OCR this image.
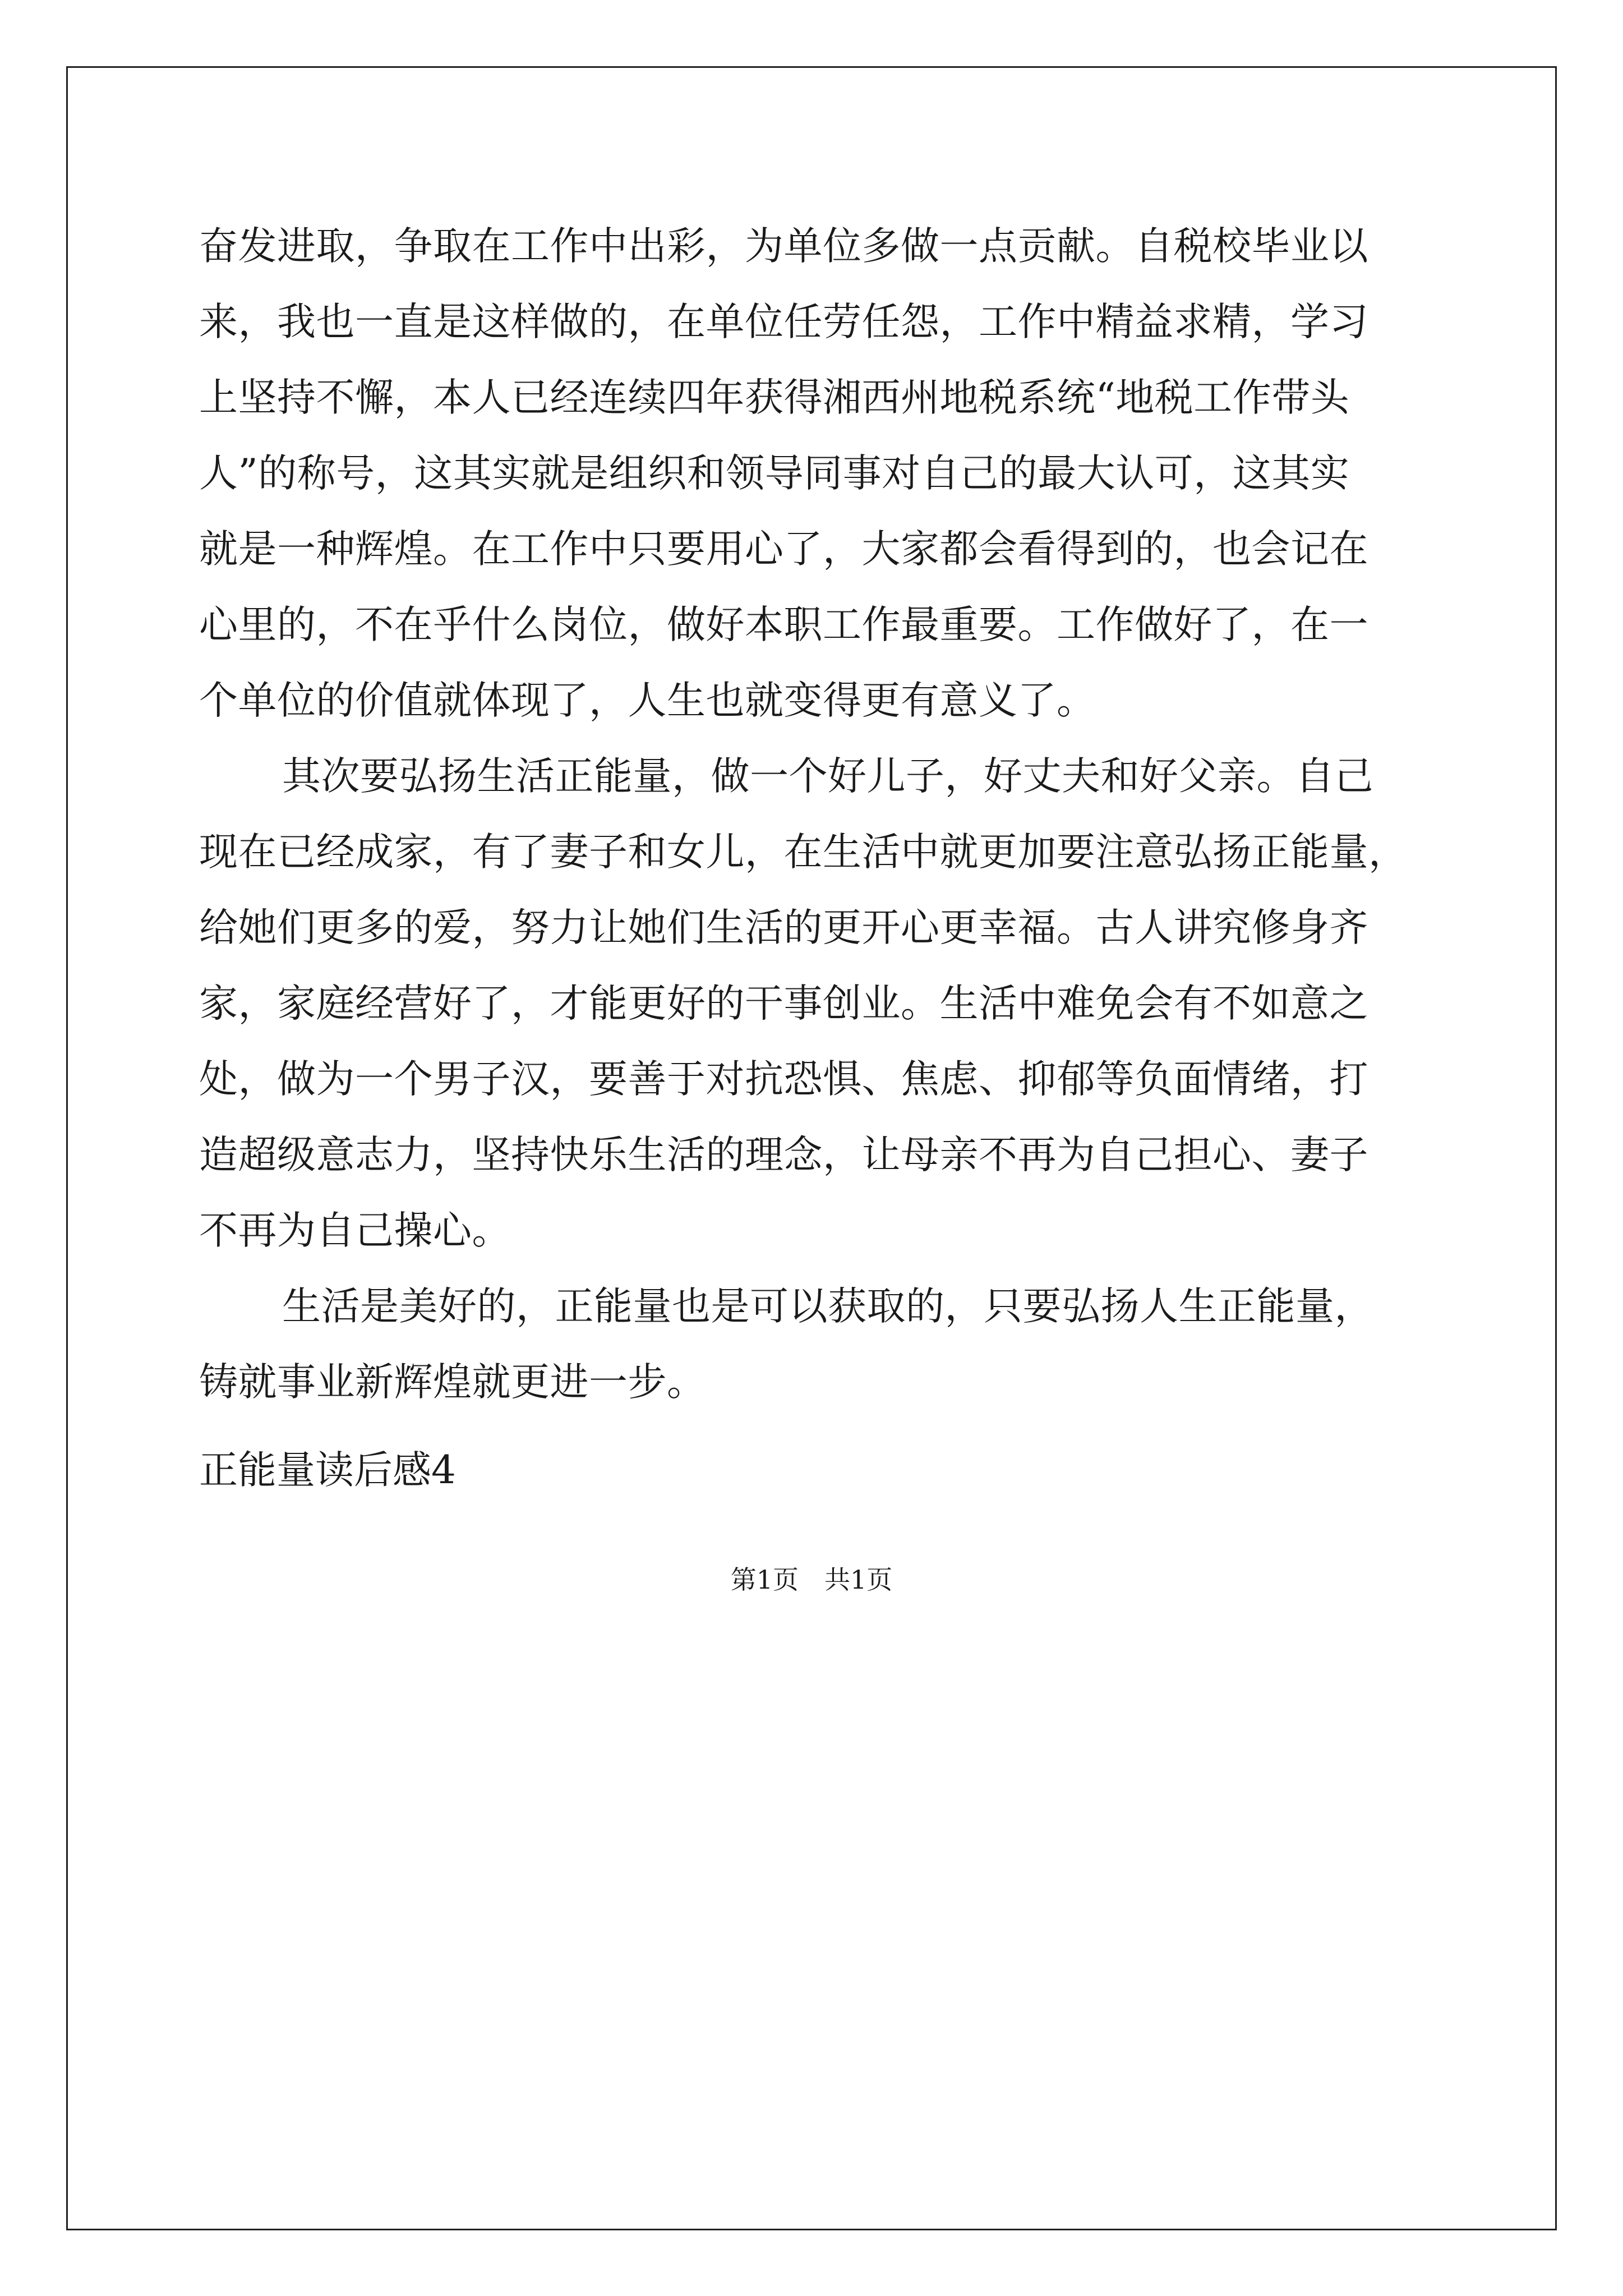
奋发进取，争取在工作中出彩，为单位多做一点贡献。自税校毕业以
来，我也一直是这样做的，在单位任劳任怨，工作中精益求精，学习
上坚持不懈，本人已经连续四年获得湘西州地税系统“地税工作带头
人”的称号，这其实就是组织和领导同事对自己的最大认可，这其实
就是一种辉煌。在工作中只要用心了，大家都会看得到的，也会记在
心里的，不在乎什么岗位，做好本职工作最重要。工作做好了，在一
个单位的价值就体现了，人生也就变得更有意义了。
其次要弘扬生活正能量，做一个好儿子，好丈夫和好父亲。自己
现在已经成家，有了妻子和女儿，在生活中就更加要注意弘扬正能量，
给她们更多的爱，努力让她们生活的更开心更幸福。古人讲究修身齐
家，家庭经营好了，才能更好的干事创业。生活中难免会有不如意之
处，做为一个男子汉，要善于对抗恐惧、焦虑、抑郁等负面情绪，打
造超级意志力，坚持快乐生活的理念，让母亲不再为自己担心、妻子
不再为自己操心。
生活是美好的，正能量也是可以获取的，只要弘扬人生正能量，
铸就事业新辉煌就更进一步。
正能量读后感4
第1页　共1页
